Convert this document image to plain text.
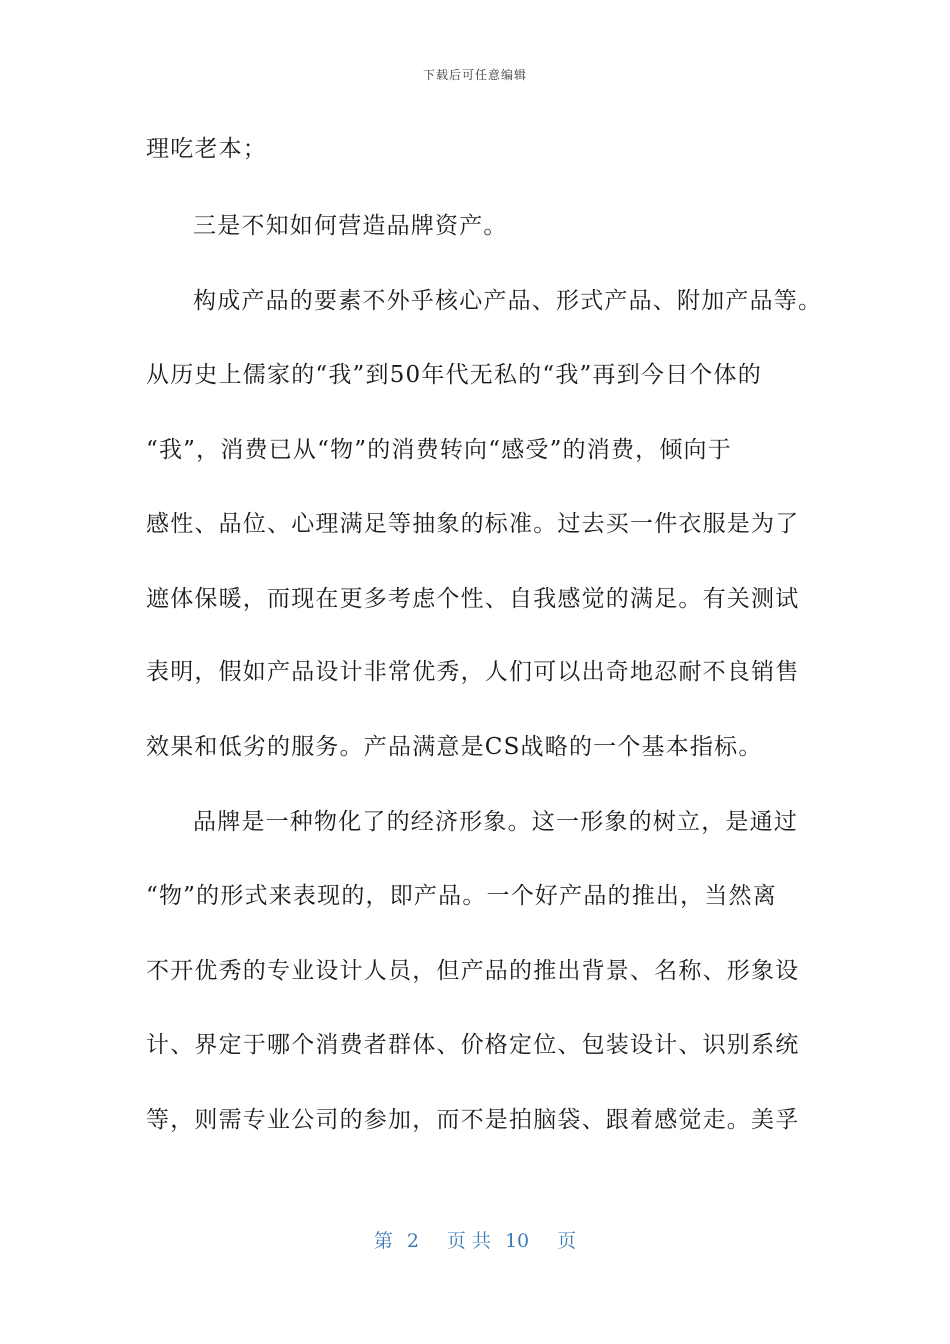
下载后可任意编辑
理吃老本；
三是不知如何营造品牌资产。
构成产品的要素不外乎核心产品、形式产品、附加产品等。
从历史上儒家的“我”到50年代无私的“我”再到今日个体的
“我”，消费已从“物”的消费转向“感受”的消费，倾向于
感性、品位、心理满足等抽象的标准。过去买一件衣服是为了
遮体保暖，而现在更多考虑个性、自我感觉的满足。有关测试
表明，假如产品设计非常优秀，人们可以出奇地忍耐不良销售
效果和低劣的服务。产品满意是CS战略的一个基本指标。
品牌是一种物化了的经济形象。这一形象的树立，是通过
“物”的形式来表现的，即产品。一个好产品的推出，当然离
不开优秀的专业设计人员，但产品的推出背景、名称、形象设
计、界定于哪个消费者群体、价格定位、包装设计、识别系统
等，则需专业公司的参加，而不是拍脑袋、跟着感觉走。美孚
第 2 页 共 10 页
